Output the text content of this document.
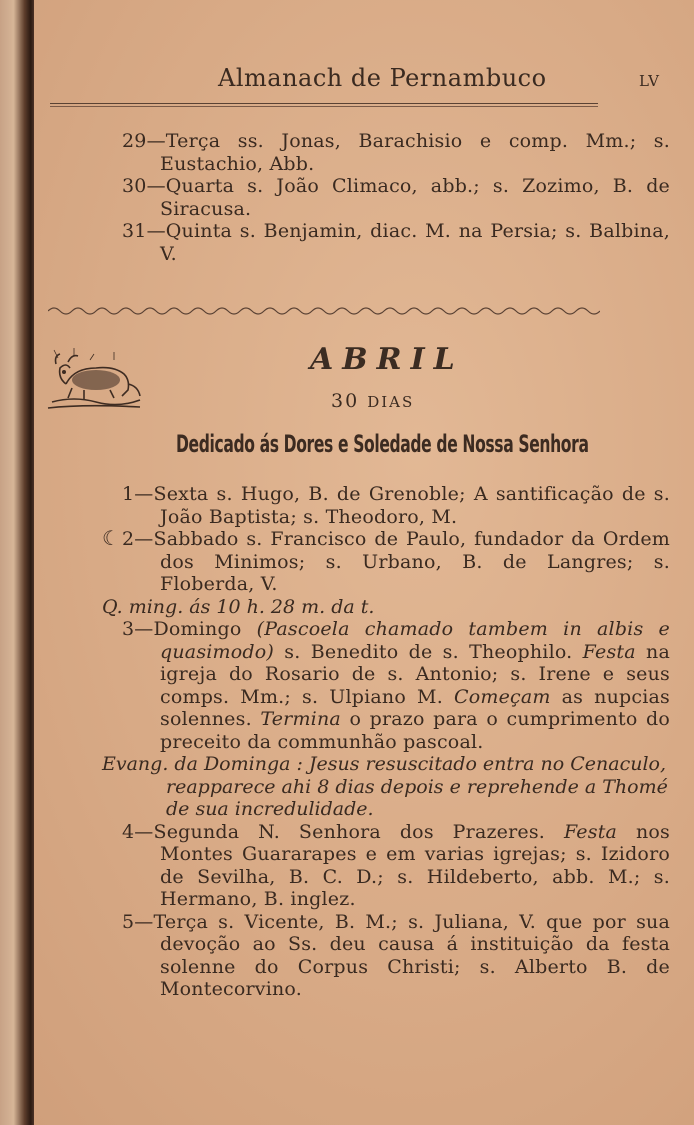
Almanach de Pernambuco	LV

29—Terça ss. Jonas, Barachisio e comp. Mm.; s. Eustachio, Abb.

30—Quarta s. João Climaco, abb.; s. Zozimo, B. de Siracusa.

31—Quinta s. Benjamin, diac. M. na Persia; s. Balbina, V.

ABRIL
30 DIAS
Dedicado ás Dores e Soledade de Nossa Senhora

1—Sexta s. Hugo, B. de Grenoble; A santificação de s. João Baptista; s. Theodoro, M.

☾ 2—Sabbado s. Francisco de Paulo, fundador da Ordem dos Minimos; s. Urbano, B. de Langres; s. Floberda, V.

Q. ming. ás 10 h. 28 m. da t.

3—Domingo (Pascoela chamado tambem in albis e quasimodo) s. Benedito de s. Theophilo. Festa na igreja do Rosario de s. Antonio; s. Irene e seus comps. Mm.; s. Ulpiano M. Começam as nupcias solennes. Termina o prazo para o cumprimento do preceito da communhão pascoal.

Evang. da Dominga : Jesus resuscitado entra no Cenaculo, reapparece ahi 8 dias depois e reprehende a Thomé de sua incredulidade.

4—Segunda N. Senhora dos Prazeres. Festa nos Montes Guararapes e em varias igrejas; s. Izidoro de Sevilha, B. C. D.; s. Hildeberto, abb. M.; s. Hermano, B. inglez.

5—Terça s. Vicente, B. M.; s. Juliana, V. que por sua devoção ao Ss. deu causa á instituição da festa solenne do Corpus Christi; s. Alberto B. de Montecorvino.
